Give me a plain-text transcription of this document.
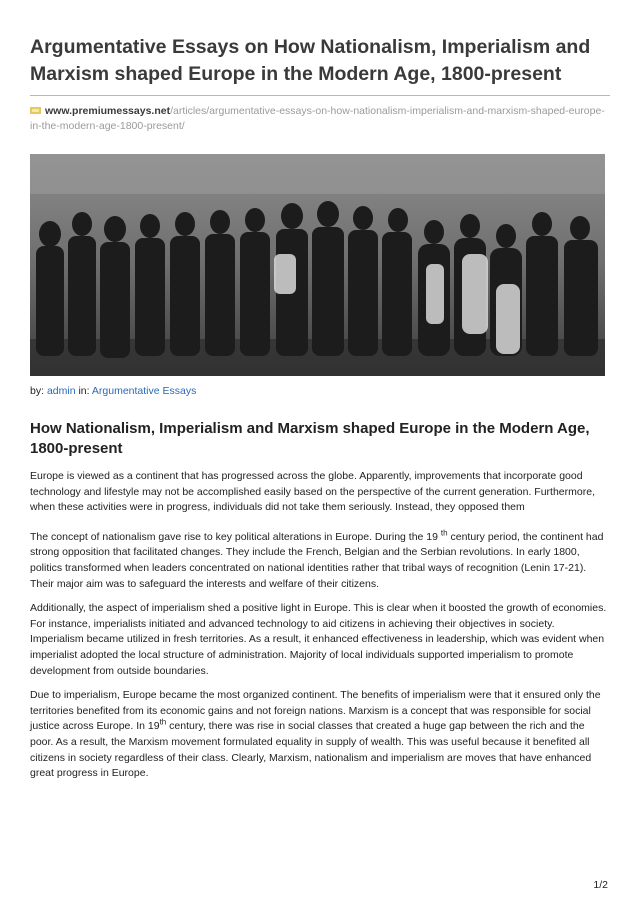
Argumentative Essays on How Nationalism, Imperialism and Marxism shaped Europe in the Modern Age, 1800-present
www.premiumessays.net/articles/argumentative-essays-on-how-nationalism-imperialism-and-marxism-shaped-europe-in-the-modern-age-1800-present/
by: admin in: Argumentative Essays
How Nationalism, Imperialism and Marxism shaped Europe in the Modern Age, 1800-present

Europe is viewed as a continent that has progressed across the globe. Apparently, improvements that incorporate good technology and lifestyle may not be accomplished easily based on the perspective of the current generation. Furthermore, when these activities were in progress, individuals did not take them seriously. Instead, they opposed them

The concept of nationalism gave rise to key political alterations in Europe. During the 19 $^{th}$ century period, the continent had strong opposition that facilitated changes. They include the French, Belgian and the Serbian revolutions. In early 1800, politics transformed when leaders concentrated on national identities rather that tribal ways of recognition (Lenin 17-21). Their major aim was to safeguard the interests and welfare of their citizens.

Additionally, the aspect of imperialism shed a positive light in Europe. This is clear when it boosted the growth of economies. For instance, imperialists initiated and advanced technology to aid citizens in achieving their objectives in society. Imperialism became utilized in fresh territories. As a result, it enhanced effectiveness in leadership, which was evident when imperialist adopted the local structure of administration. Majority of local individuals supported imperialism to promote development from outside boundaries.

Due to imperialism, Europe became the most organized continent. The benefits of imperialism were that it ensured only the territories benefited from its economic gains and not foreign nations. Marxism is a concept that was responsible for social justice across Europe. In 19th century, there was rise in social classes that created a huge gap between the rich and the poor. As a result, the Marxism movement formulated equality in supply of wealth. This was useful because it benefited all citizens in society regardless of their class. Clearly, Marxism, nationalism and imperialism are moves that have enhanced great progress in Europe.

1/2
